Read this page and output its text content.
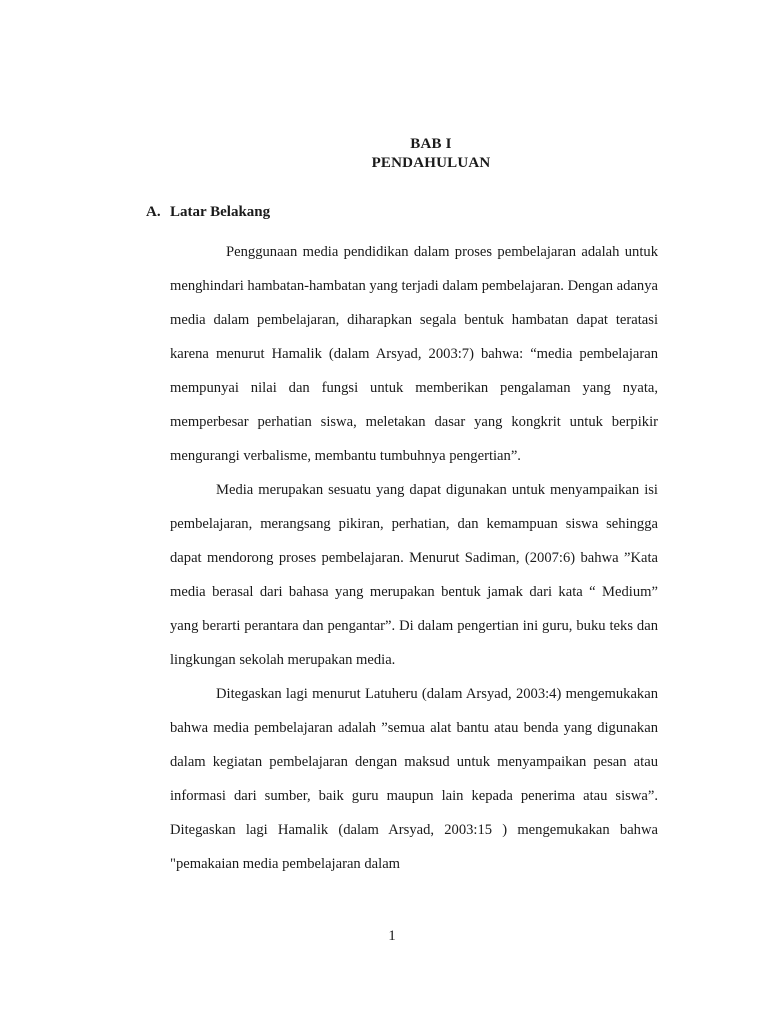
BAB I
PENDAHULUAN
A. Latar Belakang

Penggunaan media pendidikan dalam proses pembelajaran adalah untuk menghindari hambatan-hambatan yang terjadi dalam pembelajaran. Dengan adanya media dalam pembelajaran, diharapkan segala bentuk hambatan dapat teratasi karena menurut Hamalik (dalam Arsyad, 2003:7) bahwa: “media pembelajaran mempunyai nilai dan fungsi untuk memberikan pengalaman yang nyata, memperbesar perhatian siswa, meletakan dasar yang kongkrit untuk berpikir mengurangi verbalisme, membantu tumbuhnya pengertian”.

Media merupakan sesuatu yang dapat digunakan untuk menyampaikan isi pembelajaran, merangsang pikiran, perhatian, dan kemampuan siswa sehingga dapat mendorong proses pembelajaran. Menurut Sadiman, (2007:6) bahwa ”Kata media berasal dari bahasa yang merupakan bentuk jamak dari kata “ Medium” yang berarti perantara dan pengantar”. Di dalam pengertian ini guru, buku teks dan lingkungan sekolah merupakan media.

Ditegaskan lagi menurut Latuheru (dalam Arsyad, 2003:4) mengemukakan bahwa media pembelajaran adalah ”semua alat bantu atau benda yang digunakan dalam kegiatan pembelajaran dengan maksud untuk menyampaikan pesan atau informasi dari sumber, baik guru maupun lain kepada penerima atau siswa”. Ditegaskan lagi Hamalik (dalam Arsyad, 2003:15 ) mengemukakan bahwa "pemakaian media pembelajaran dalam

1
